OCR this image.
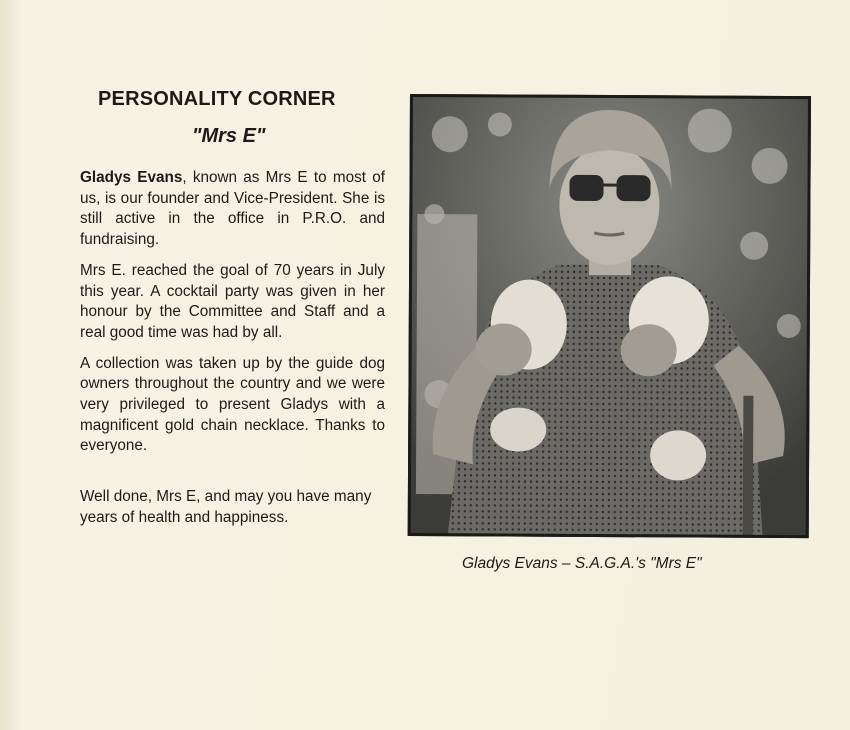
PERSONALITY CORNER
"Mrs E"

Gladys Evans, known as Mrs E to most of us, is our founder and Vice-President. She is still active in the office in P.R.O. and fundraising.

Mrs E. reached the goal of 70 years in July this year. A cocktail party was given in her honour by the Committee and Staff and a real good time was had by all.

A collection was taken up by the guide dog owners throughout the country and we were very privileged to present Gladys with a magnificent gold chain necklace. Thanks to everyone.

Well done, Mrs E, and may you have many years of health and happiness.

Gladys Evans – S.A.G.A.'s "Mrs E"
